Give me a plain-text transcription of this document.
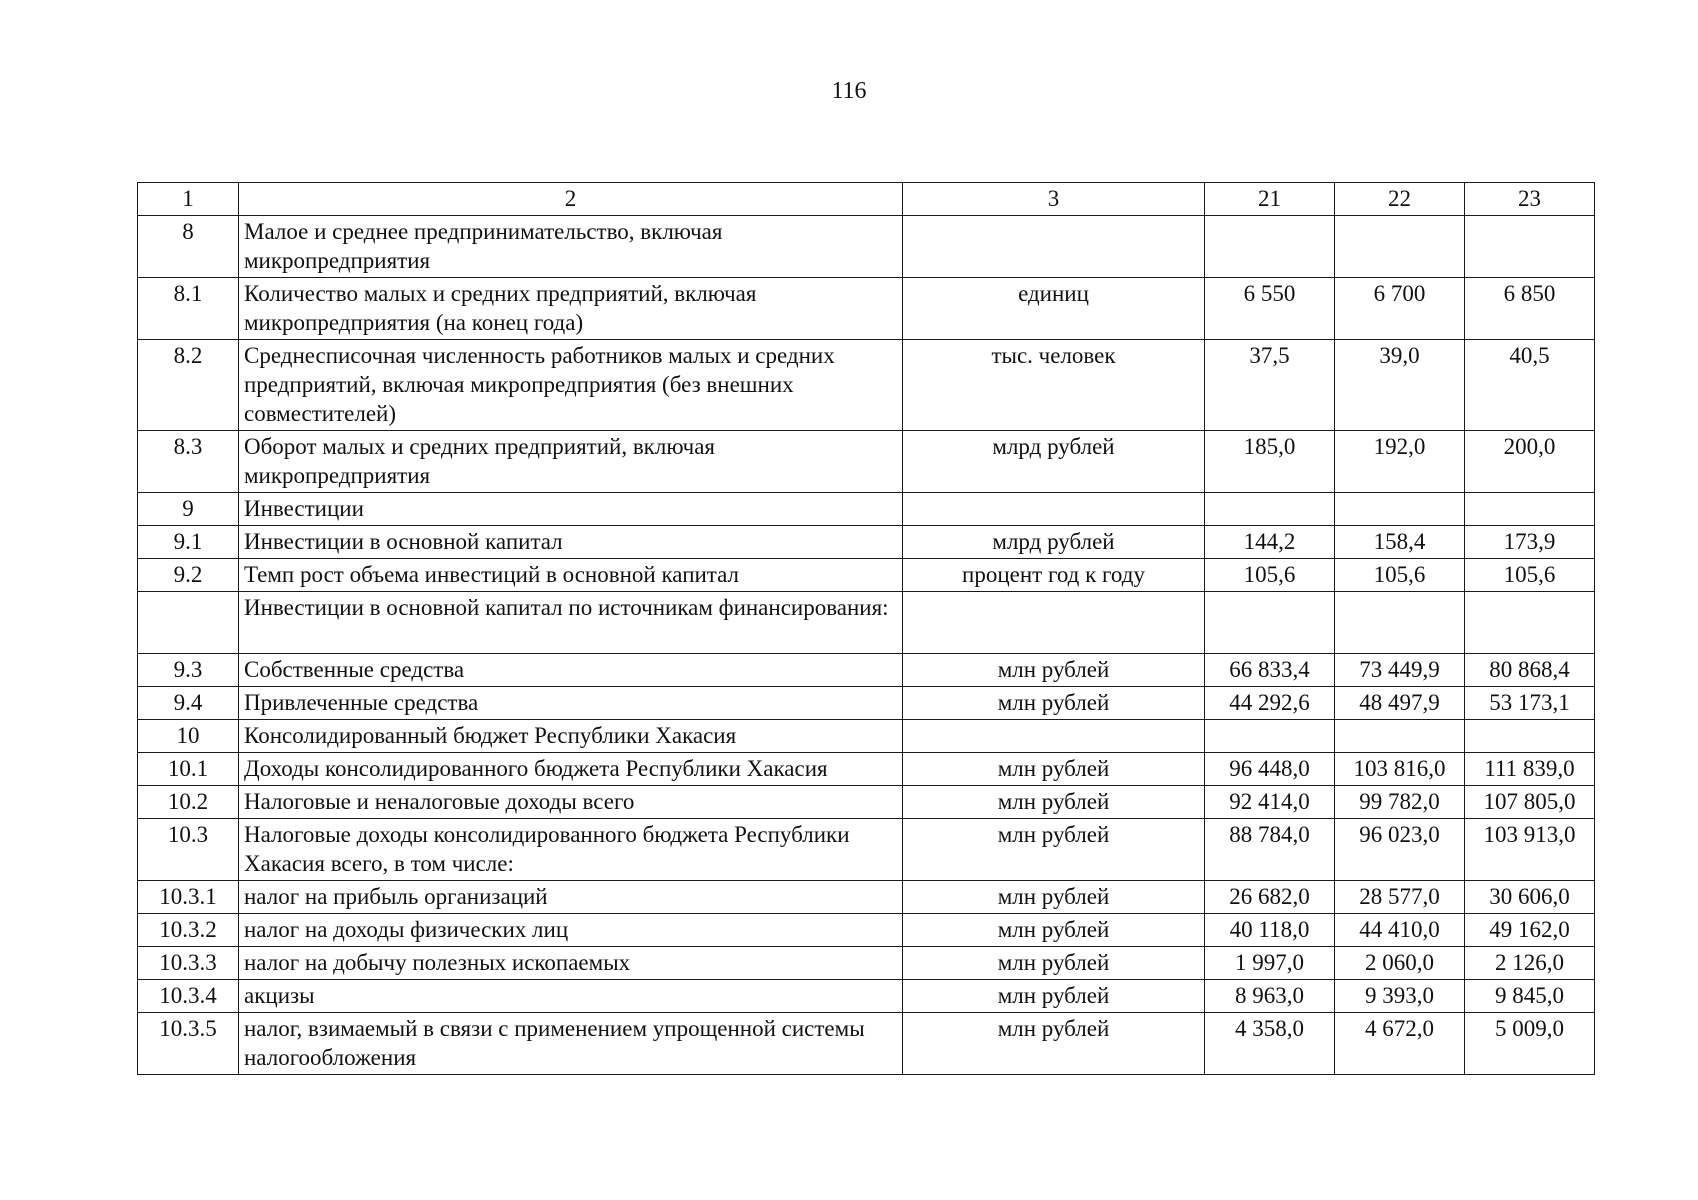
116
1	2	3	21	22	23
8	Малое и среднее предпринимательство, включая микропредприятия				
8.1	Количество малых и средних предприятий, включая микропредприятия (на конец года)	единиц	6 550	6 700	6 850
8.2	Среднесписочная численность работников малых и средних предприятий, включая микропредприятия (без внешних совместителей)	тыс. человек	37,5	39,0	40,5
8.3	Оборот малых и средних предприятий, включая микропредприятия	млрд рублей	185,0	192,0	200,0
9	Инвестиции				
9.1	Инвестиции в основной капитал	млрд рублей	144,2	158,4	173,9
9.2	Темп рост объема инвестиций в основной капитал	процент год к году	105,6	105,6	105,6
	Инвестиции в основной капитал по источникам финансирования:				
9.3	Собственные средства	млн рублей	66 833,4	73 449,9	80 868,4
9.4	Привлеченные средства	млн рублей	44 292,6	48 497,9	53 173,1
10	Консолидированный бюджет Республики Хакасия				
10.1	Доходы консолидированного бюджета Республики Хакасия	млн рублей	96 448,0	103 816,0	111 839,0
10.2	Налоговые и неналоговые доходы всего	млн рублей	92 414,0	99 782,0	107 805,0
10.3	Налоговые доходы консолидированного бюджета Республики Хакасия всего, в том числе:	млн рублей	88 784,0	96 023,0	103 913,0
10.3.1	налог на прибыль организаций	млн рублей	26 682,0	28 577,0	30 606,0
10.3.2	налог на доходы физических лиц	млн рублей	40 118,0	44 410,0	49 162,0
10.3.3	налог на добычу полезных ископаемых	млн рублей	1 997,0	2 060,0	2 126,0
10.3.4	акцизы	млн рублей	8 963,0	9 393,0	9 845,0
10.3.5	налог, взимаемый в связи с применением упрощенной системы налогообложения	млн рублей	4 358,0	4 672,0	5 009,0
